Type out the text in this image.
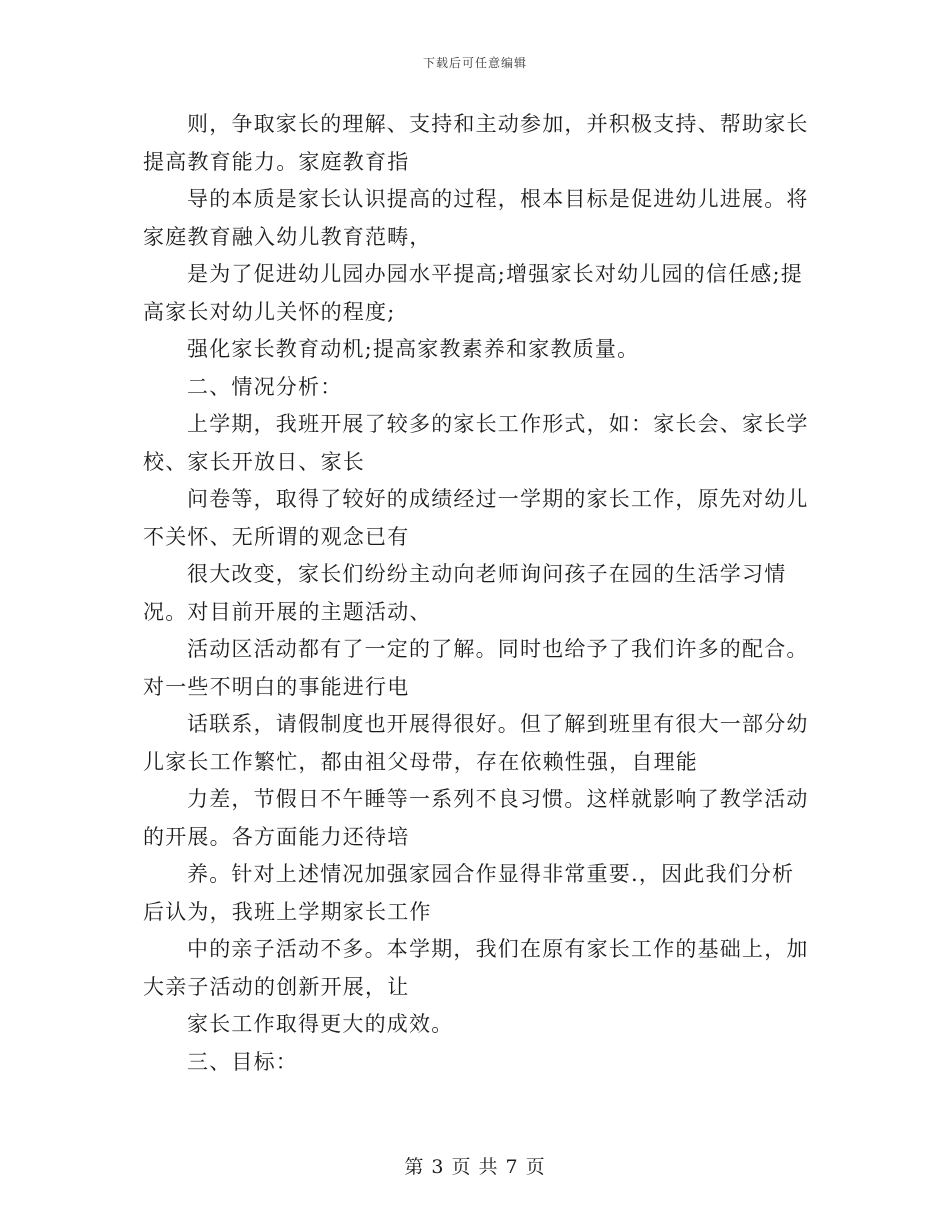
下载后可任意编辑

则，争取家长的理解、支持和主动参加，并积极支持、帮助家长提高教育能力。家庭教育指

导的本质是家长认识提高的过程，根本目标是促进幼儿进展。将家庭教育融入幼儿教育范畴，

是为了促进幼儿园办园水平提高;增强家长对幼儿园的信任感;提高家长对幼儿关怀的程度;

强化家长教育动机;提高家教素养和家教质量。

二、情况分析：

上学期，我班开展了较多的家长工作形式，如：家长会、家长学校、家长开放日、家长

问卷等，取得了较好的成绩经过一学期的家长工作，原先对幼儿不关怀、无所谓的观念已有

很大改变，家长们纷纷主动向老师询问孩子在园的生活学习情况。对目前开展的主题活动、

活动区活动都有了一定的了解。同时也给予了我们许多的配合。对一些不明白的事能进行电

话联系，请假制度也开展得很好。但了解到班里有很大一部分幼儿家长工作繁忙，都由祖父母带，存在依赖性强，自理能

力差，节假日不午睡等一系列不良习惯。这样就影响了教学活动的开展。各方面能力还待培

养。针对上述情况加强家园合作显得非常重要.，因此我们分析后认为，我班上学期家长工作

中的亲子活动不多。本学期，我们在原有家长工作的基础上，加大亲子活动的创新开展，让

家长工作取得更大的成效。

三、目标：

第 3 页 共 7 页
